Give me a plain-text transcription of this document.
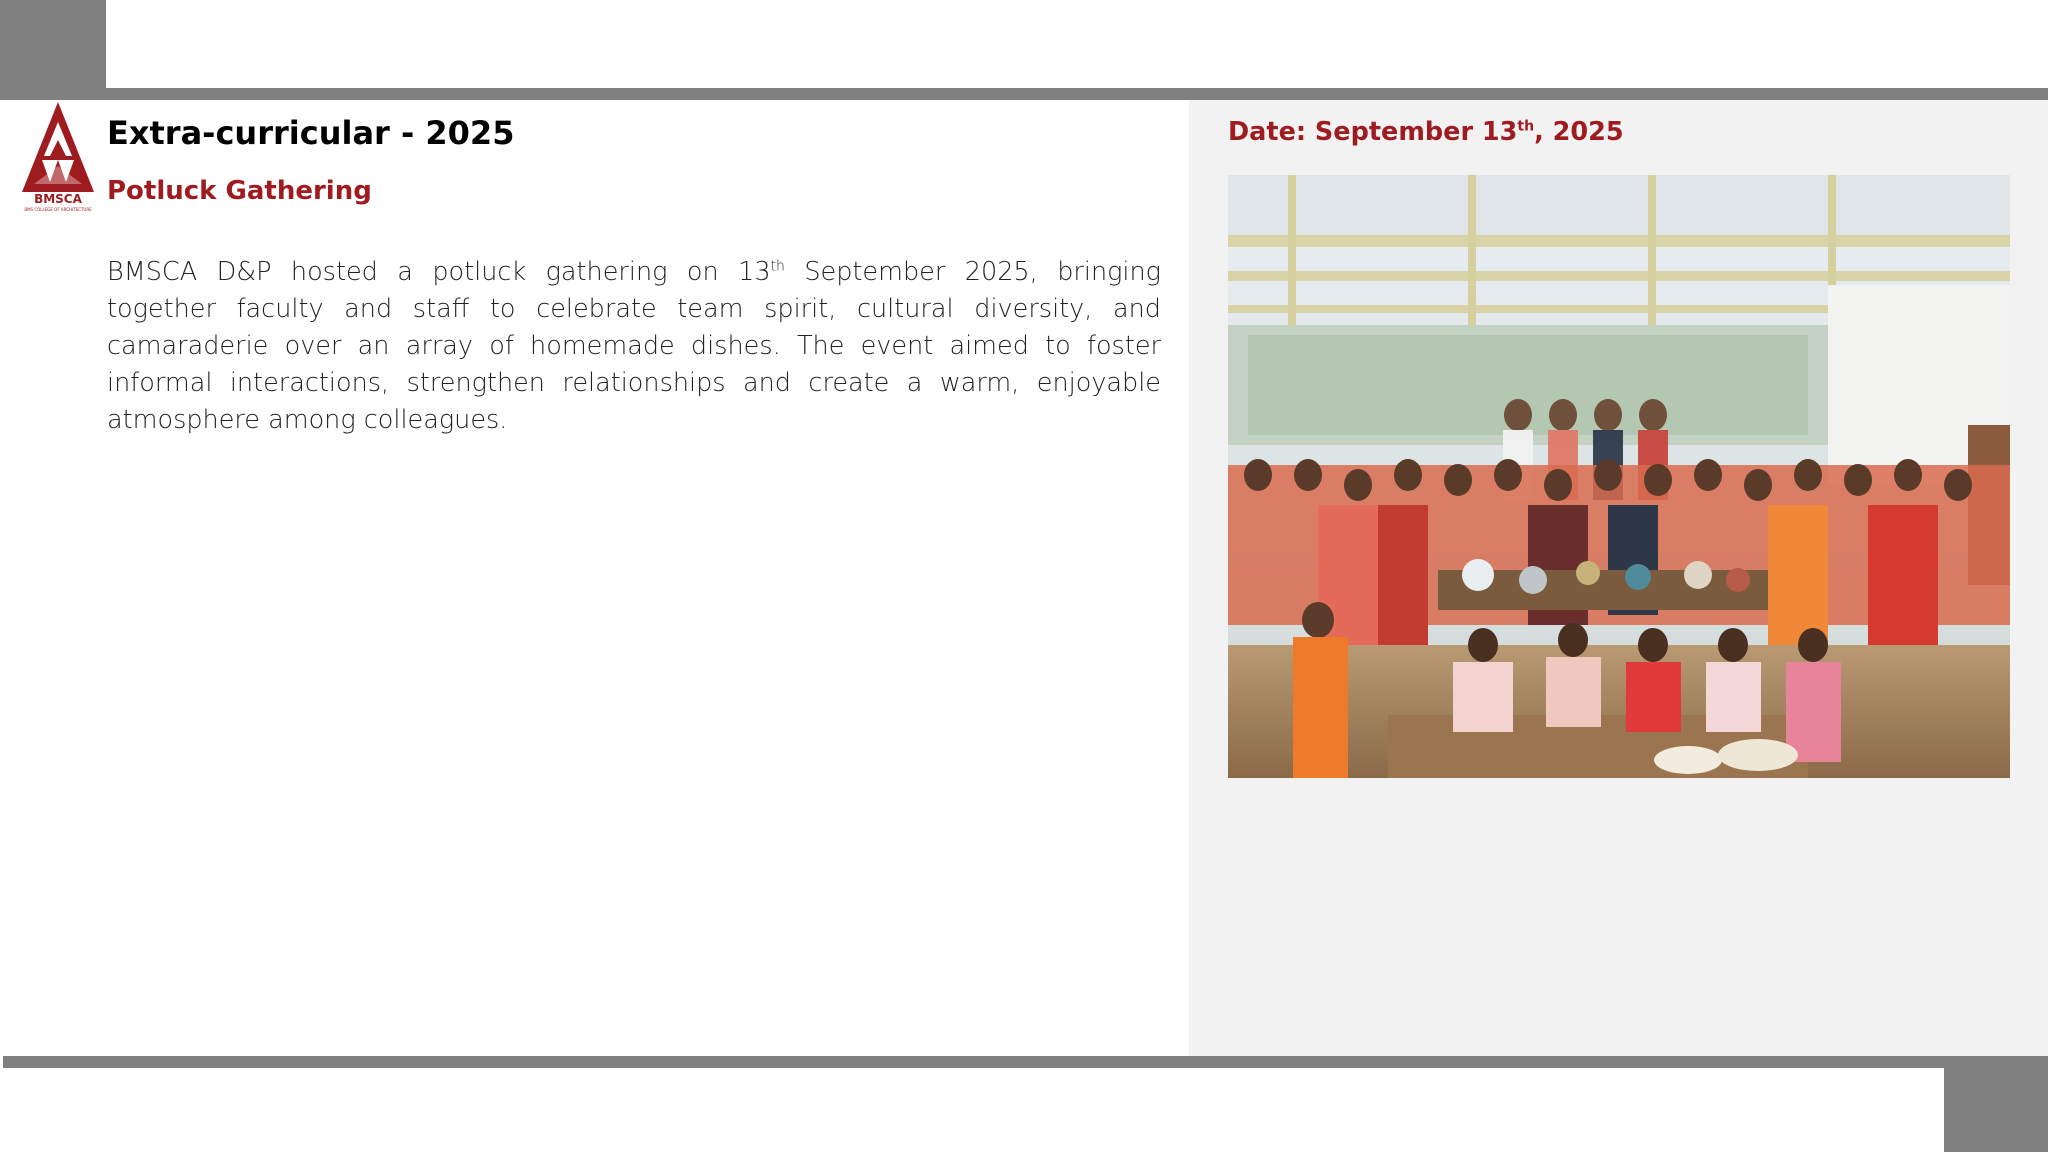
BMSCA
BMS COLLEGE OF ARCHITECTURE
Extra-curricular - 2025
Potluck Gathering

BMSCA D&P hosted a potluck gathering on 13th September 2025, bringing together faculty and staff to celebrate team spirit, cultural diversity, and camaraderie over an array of homemade dishes. The event aimed to foster informal interactions, strengthen relationships and create a warm, enjoyable atmosphere among colleagues.

Date: September 13th, 2025
